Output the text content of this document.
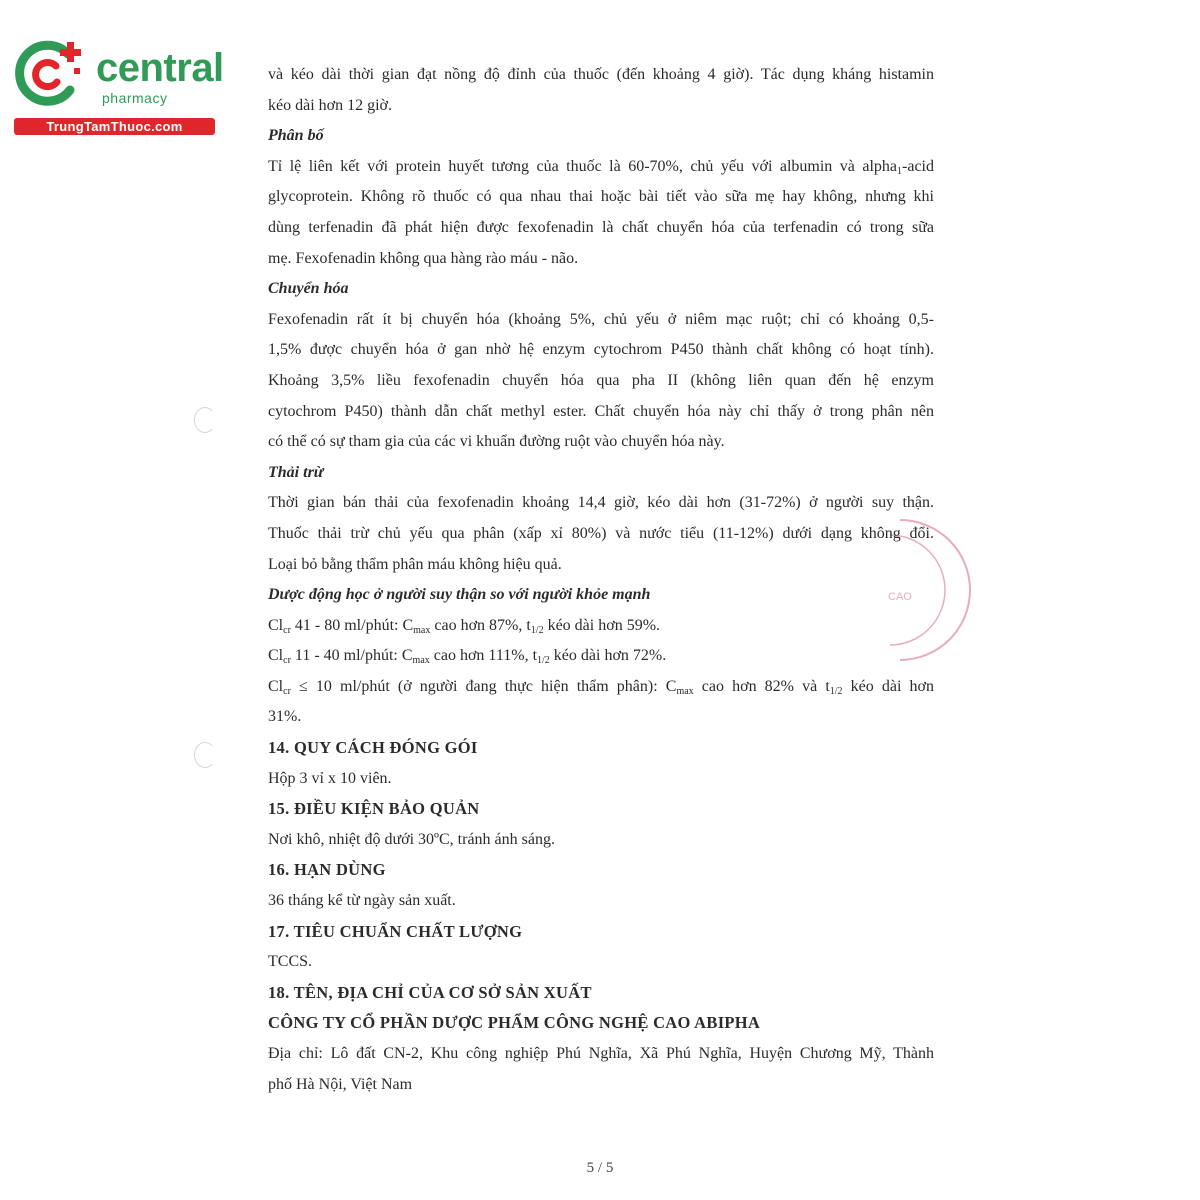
central
pharmacy
TrungTamThuoc.com
CAO
và kéo dài thời gian đạt nồng độ đỉnh của thuốc (đến khoảng 4 giờ). Tác dụng kháng histamin
kéo dài hơn 12 giờ.
Phân bố
Tỉ lệ liên kết với protein huyết tương của thuốc là 60-70%, chủ yếu với albumin và alpha$_1$-acid
glycoprotein. Không rõ thuốc có qua nhau thai hoặc bài tiết vào sữa mẹ hay không, nhưng khi
dùng terfenadin đã phát hiện được fexofenadin là chất chuyển hóa của terfenadin có trong sữa
mẹ. Fexofenadin không qua hàng rào máu - não.
Chuyển hóa
Fexofenadin rất ít bị chuyển hóa (khoảng 5%, chủ yếu ở niêm mạc ruột; chỉ có khoảng 0,5-
1,5% được chuyển hóa ở gan nhờ hệ enzym cytochrom P450 thành chất không có hoạt tính).
Khoảng 3,5% liều fexofenadin chuyển hóa qua pha II (không liên quan đến hệ enzym
cytochrom P450) thành dẫn chất methyl ester. Chất chuyển hóa này chỉ thấy ở trong phân nên
có thể có sự tham gia của các vi khuẩn đường ruột vào chuyển hóa này.
Thải trừ
Thời gian bán thải của fexofenadin khoảng 14,4 giờ, kéo dài hơn (31-72%) ở người suy thận.
Thuốc thải trừ chủ yếu qua phân (xấp xỉ 80%) và nước tiểu (11-12%) dưới dạng không đổi.
Loại bỏ bằng thẩm phân máu không hiệu quả.
Dược động học ở người suy thận so với người khỏe mạnh
$Cl_{cr}$ 41 - 80 ml/phút: $C_{max}$ cao hơn 87%, $t_{1/2}$ kéo dài hơn 59%.
$Cl_{cr}$ 11 - 40 ml/phút: $C_{max}$ cao hơn 111%, $t_{1/2}$ kéo dài hơn 72%.
$Cl_{cr} \le 10$ ml/phút (ở người đang thực hiện thẩm phân): $C_{max}$ cao hơn 82% và $t_{1/2}$ kéo dài hơn
31%.
14. QUY CÁCH ĐÓNG GÓI
Hộp 3 vỉ x 10 viên.
15. ĐIỀU KIỆN BẢO QUẢN
Nơi khô, nhiệt độ dưới 30ºC, tránh ánh sáng.
16. HẠN DÙNG
36 tháng kể từ ngày sản xuất.
17. TIÊU CHUẨN CHẤT LƯỢNG
TCCS.
18. TÊN, ĐỊA CHỈ CỦA CƠ SỞ SẢN XUẤT
CÔNG TY CỔ PHẦN DƯỢC PHẨM CÔNG NGHỆ CAO ABIPHA
Địa chỉ: Lô đất CN-2, Khu công nghiệp Phú Nghĩa, Xã Phú Nghĩa, Huyện Chương Mỹ, Thành
phố Hà Nội, Việt Nam
5 / 5
